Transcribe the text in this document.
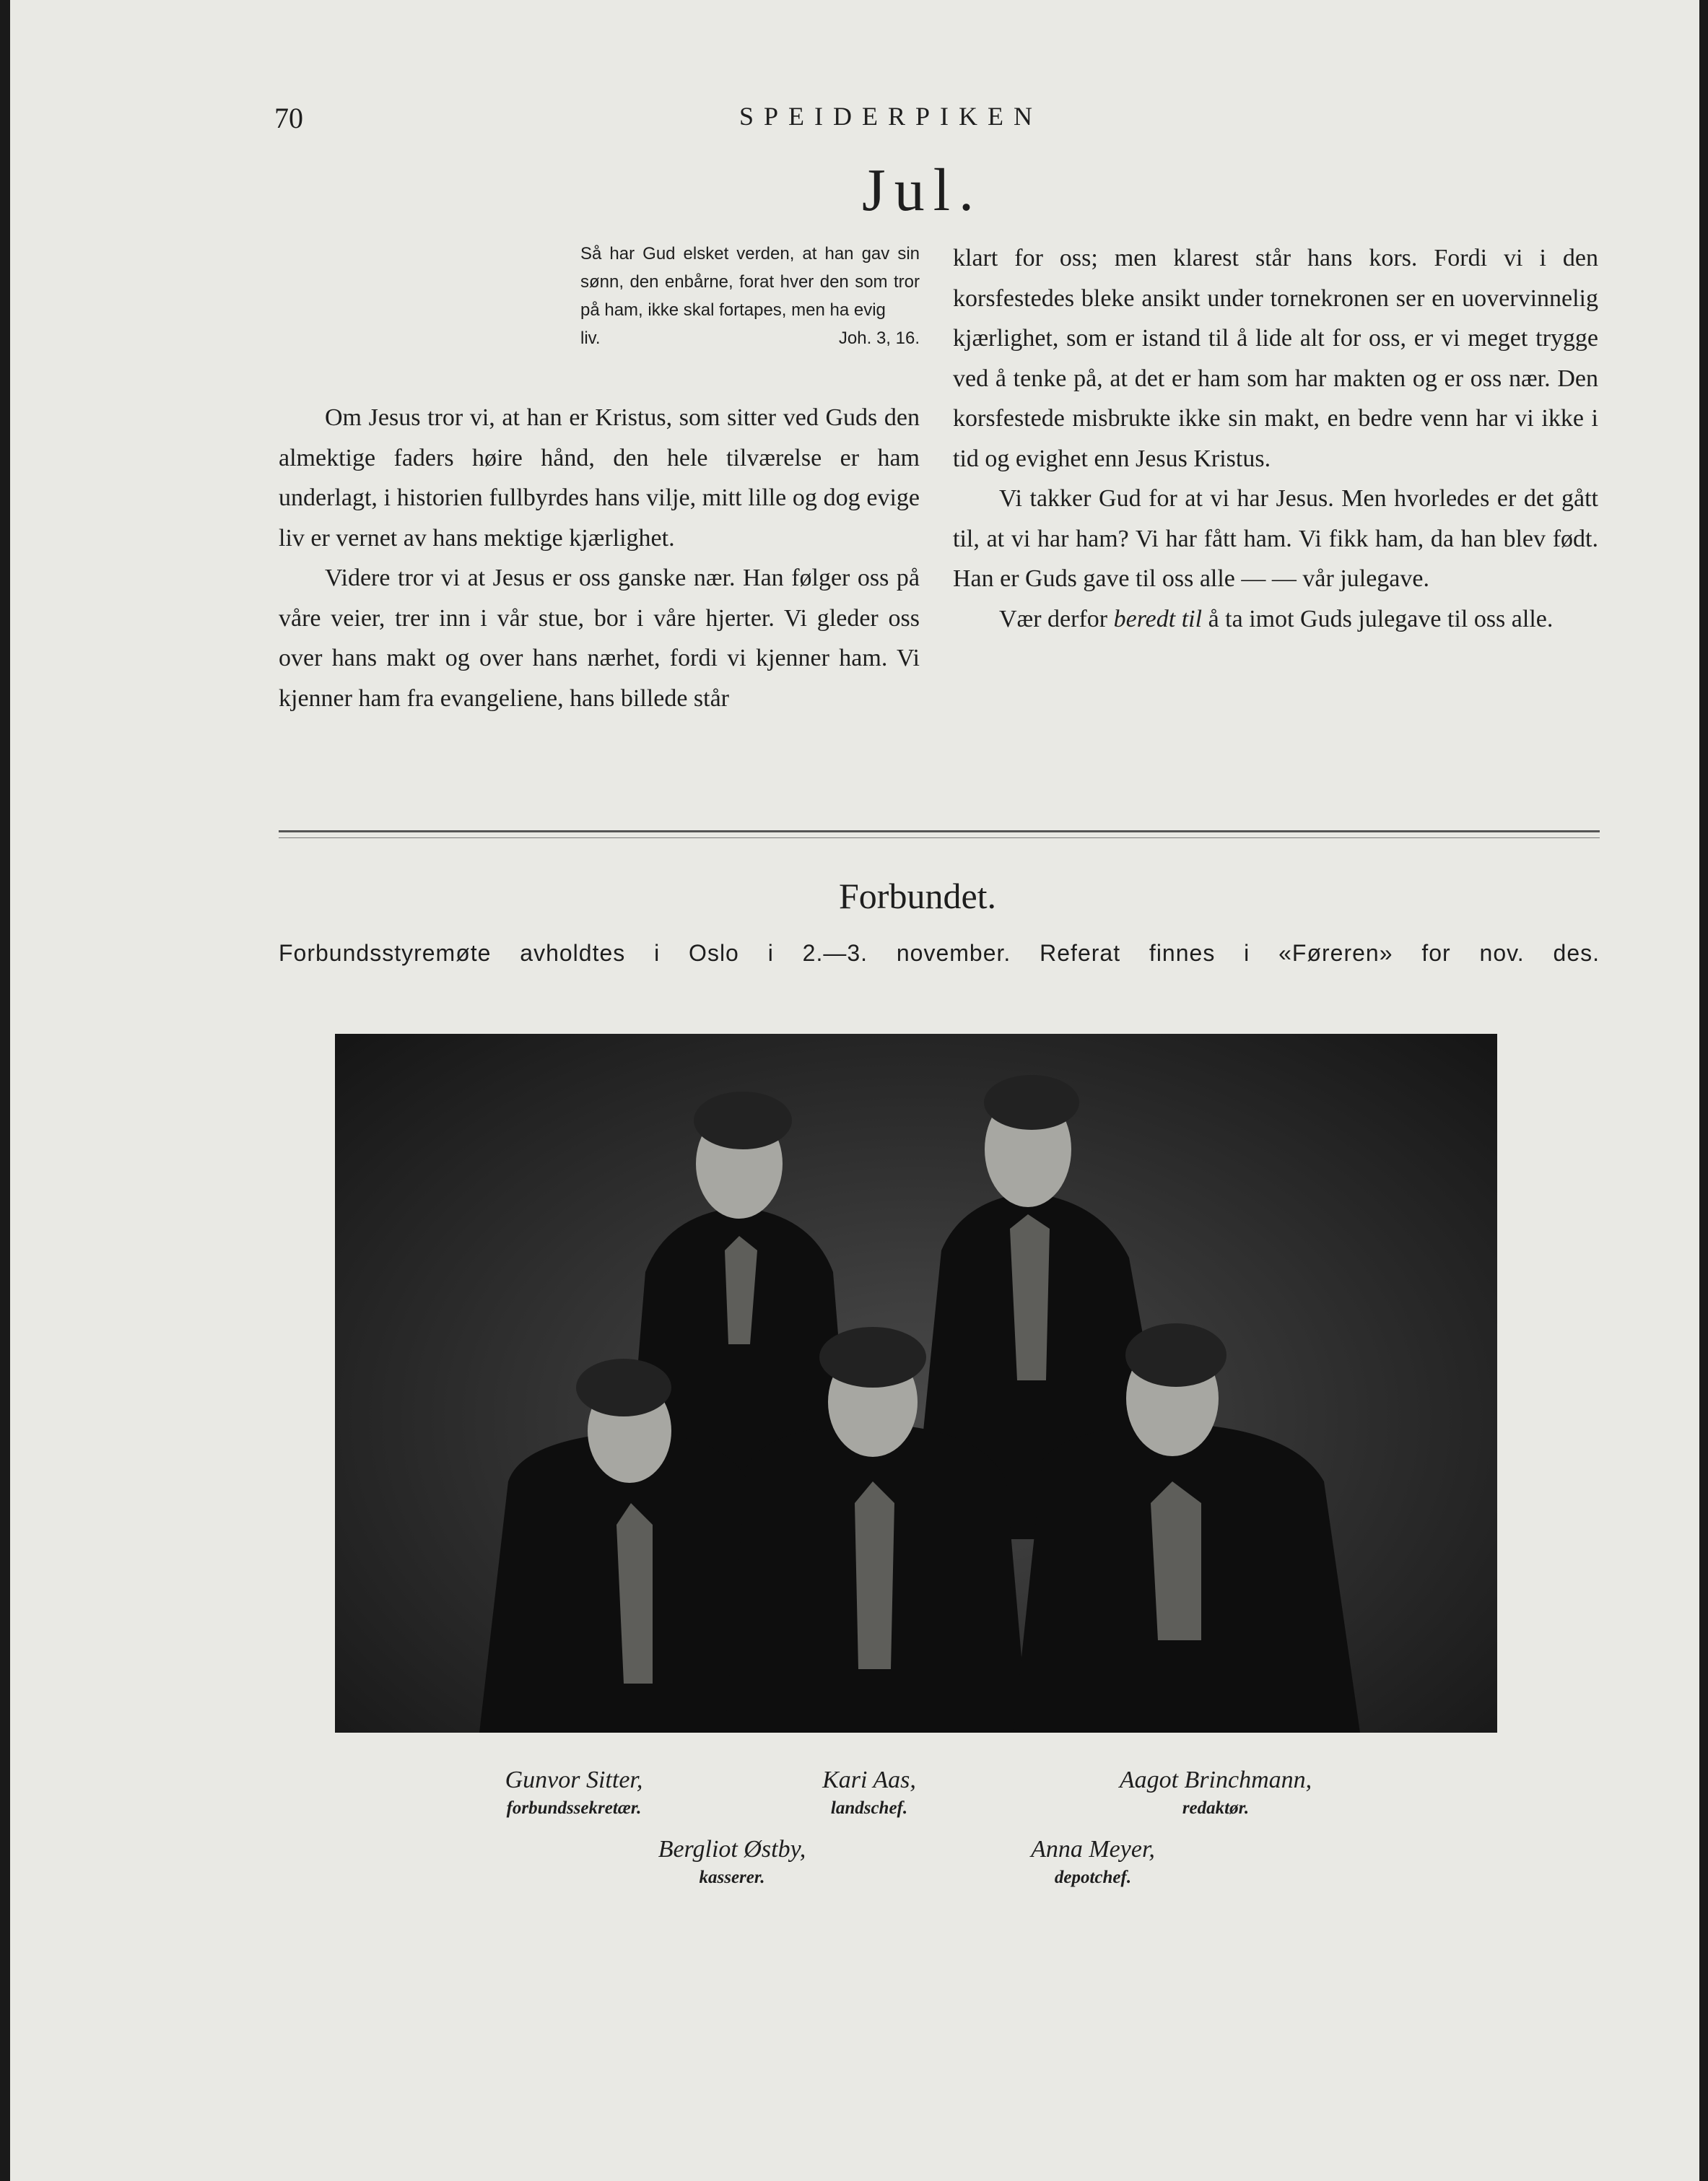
70	SPEIDERPIKEN
Jul.
Så har Gud elsket verden, at han gav sin sønn, den enbårne, forat hver den som tror på ham, ikke skal fortapes, men ha evig
liv.	Joh. 3, 16.

Om Jesus tror vi, at han er Kristus, som sitter ved Guds den almektige faders høire hånd, den hele tilværelse er ham underlagt, i historien fullbyrdes hans vilje, mitt lille og dog evige liv er vernet av hans mektige kjærlighet.

Videre tror vi at Jesus er oss ganske nær. Han følger oss på våre veier, trer inn i vår stue, bor i våre hjerter. Vi gleder oss over hans makt og over hans nærhet, fordi vi kjenner ham. Vi kjenner ham fra evangeliene, hans billede står

klart for oss; men klarest står hans kors. Fordi vi i den korsfestedes bleke ansikt under tornekronen ser en uovervinnelig kjærlighet, som er istand til å lide alt for oss, er vi meget trygge ved å tenke på, at det er ham som har makten og er oss nær. Den korsfestede misbrukte ikke sin makt, en bedre venn har vi ikke i tid og evighet enn Jesus Kristus.

Vi takker Gud for at vi har Jesus. Men hvorledes er det gått til, at vi har ham? Vi har fått ham. Vi fikk ham, da han blev født. Han er Guds gave til oss alle — — vår julegave.

Vær derfor beredt til å ta imot Guds julegave til oss alle.

Forbundet.
Forbundsstyremøte avholdtes i Oslo i 2.—3. november. Referat finnes i «Føreren» for nov. des.
Gunvor Sitter,
forbundssekretær.
Kari Aas,
landschef.
Aagot Brinchmann,
redaktør.
Bergliot Østby,
kasserer.
Anna Meyer,
depotchef.
